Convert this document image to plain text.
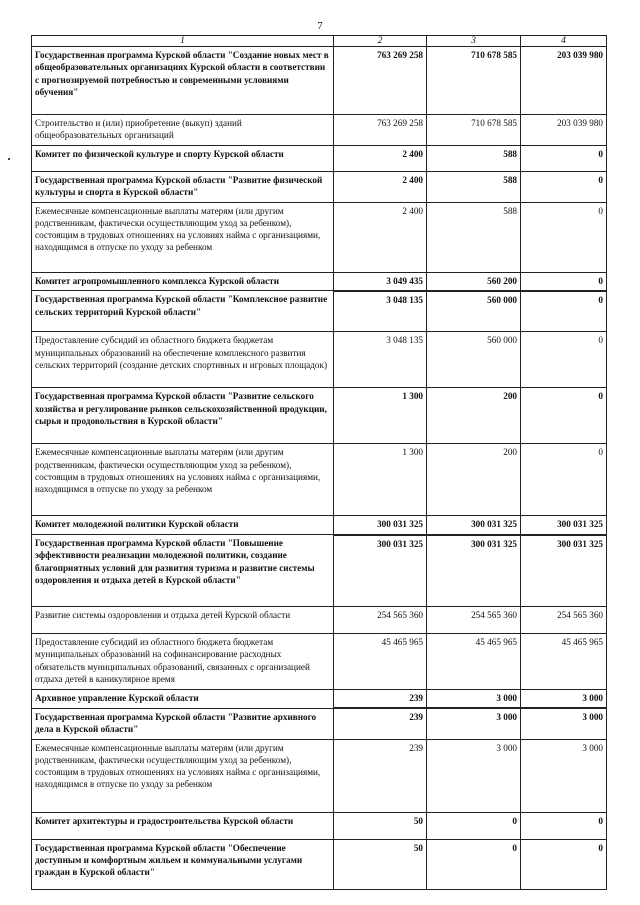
7
1	2	3	4
Государственная программа Курской области "Создание новых мест в общеобразовательных организациях Курской области в соответствии с прогнозируемой потребностью и современными условиями обучения"	763 269 258	710 678 585	203 039 980
Строительство и (или) приобретение (выкуп) зданий общеобразовательных организаций	763 269 258	710 678 585	203 039 980
Комитет по физической культуре и спорту Курской области	2 400	588	0
Государственная программа Курской области "Развитие физической культуры и спорта в Курской области"	2 400	588	0
Ежемесячные компенсационные выплаты матерям (или другим родственникам, фактически осуществляющим уход за ребенком), состоящим в трудовых отношениях на условиях найма с организациями, находящимся в отпуске по уходу за ребенком	2 400	588	0
Комитет агропромышленного комплекса Курской области	3 049 435	560 200	0
Государственная программа Курской области "Комплексное развитие сельских территорий Курской области"	3 048 135	560 000	0
Предоставление субсидий из областного бюджета бюджетам муниципальных образований на обеспечение комплексного развития сельских территорий (создание детских спортивных и игровых площадок)	3 048 135	560 000	0
Государственная программа Курской области "Развитие сельского хозяйства и регулирование рынков сельскохозяйственной продукции, сырья и продовольствия в Курской области"	1 300	200	0
Ежемесячные компенсационные выплаты матерям (или другим родственникам, фактически осуществляющим уход за ребенком), состоящим в трудовых отношениях на условиях найма с организациями, находящимся в отпуске по уходу за ребенком	1 300	200	0
Комитет молодежной политики Курской области	300 031 325	300 031 325	300 031 325
Государственная программа Курской области "Повышение эффективности реализации молодежной политики, создание благоприятных условий для развития туризма и развитие системы оздоровления и отдыха детей в Курской области"	300 031 325	300 031 325	300 031 325
Развитие системы оздоровления и отдыха детей Курской области	254 565 360	254 565 360	254 565 360
Предоставление субсидий из областного бюджета бюджетам муниципальных образований на софинансирование расходных обязательств муниципальных образований, связанных с организацией отдыха детей в каникулярное время	45 465 965	45 465 965	45 465 965
Архивное управление Курской области	239	3 000	3 000
Государственная программа Курской области "Развитие архивного дела в Курской области"	239	3 000	3 000
Ежемесячные компенсационные выплаты матерям (или другим родственникам, фактически осуществляющим уход за ребенком), состоящим в трудовых отношениях на условиях найма с организациями, находящимся в отпуске по уходу за ребенком	239	3 000	3 000
Комитет архитектуры и градостроительства Курской области	50	0	0
Государственная программа Курской области "Обеспечение доступным и комфортным жильем и коммунальными услугами граждан в Курской области"	50	0	0
